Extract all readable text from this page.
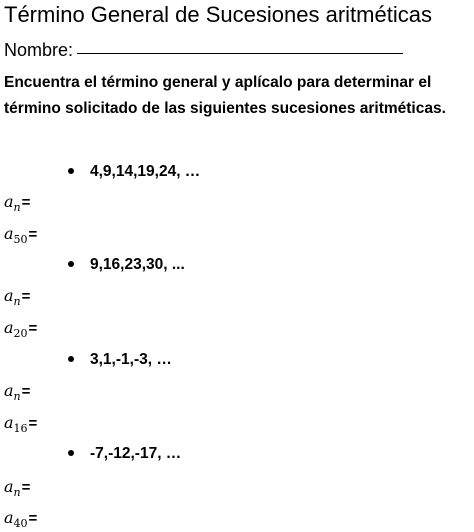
Término General de Sucesiones aritméticas
Nombre:
Encuentra el término general y aplícalo para determinar el término solicitado de las siguientes sucesiones aritméticas.
4,9,14,19,24, …
$a_n=$
$a_{50}=$
9,16,23,30, ...
$a_n=$
$a_{20}=$
3,1,-1,-3, …
$a_n=$
$a_{16}=$
-7,-12,-17, …
$a_n=$
$a_{40}=$
